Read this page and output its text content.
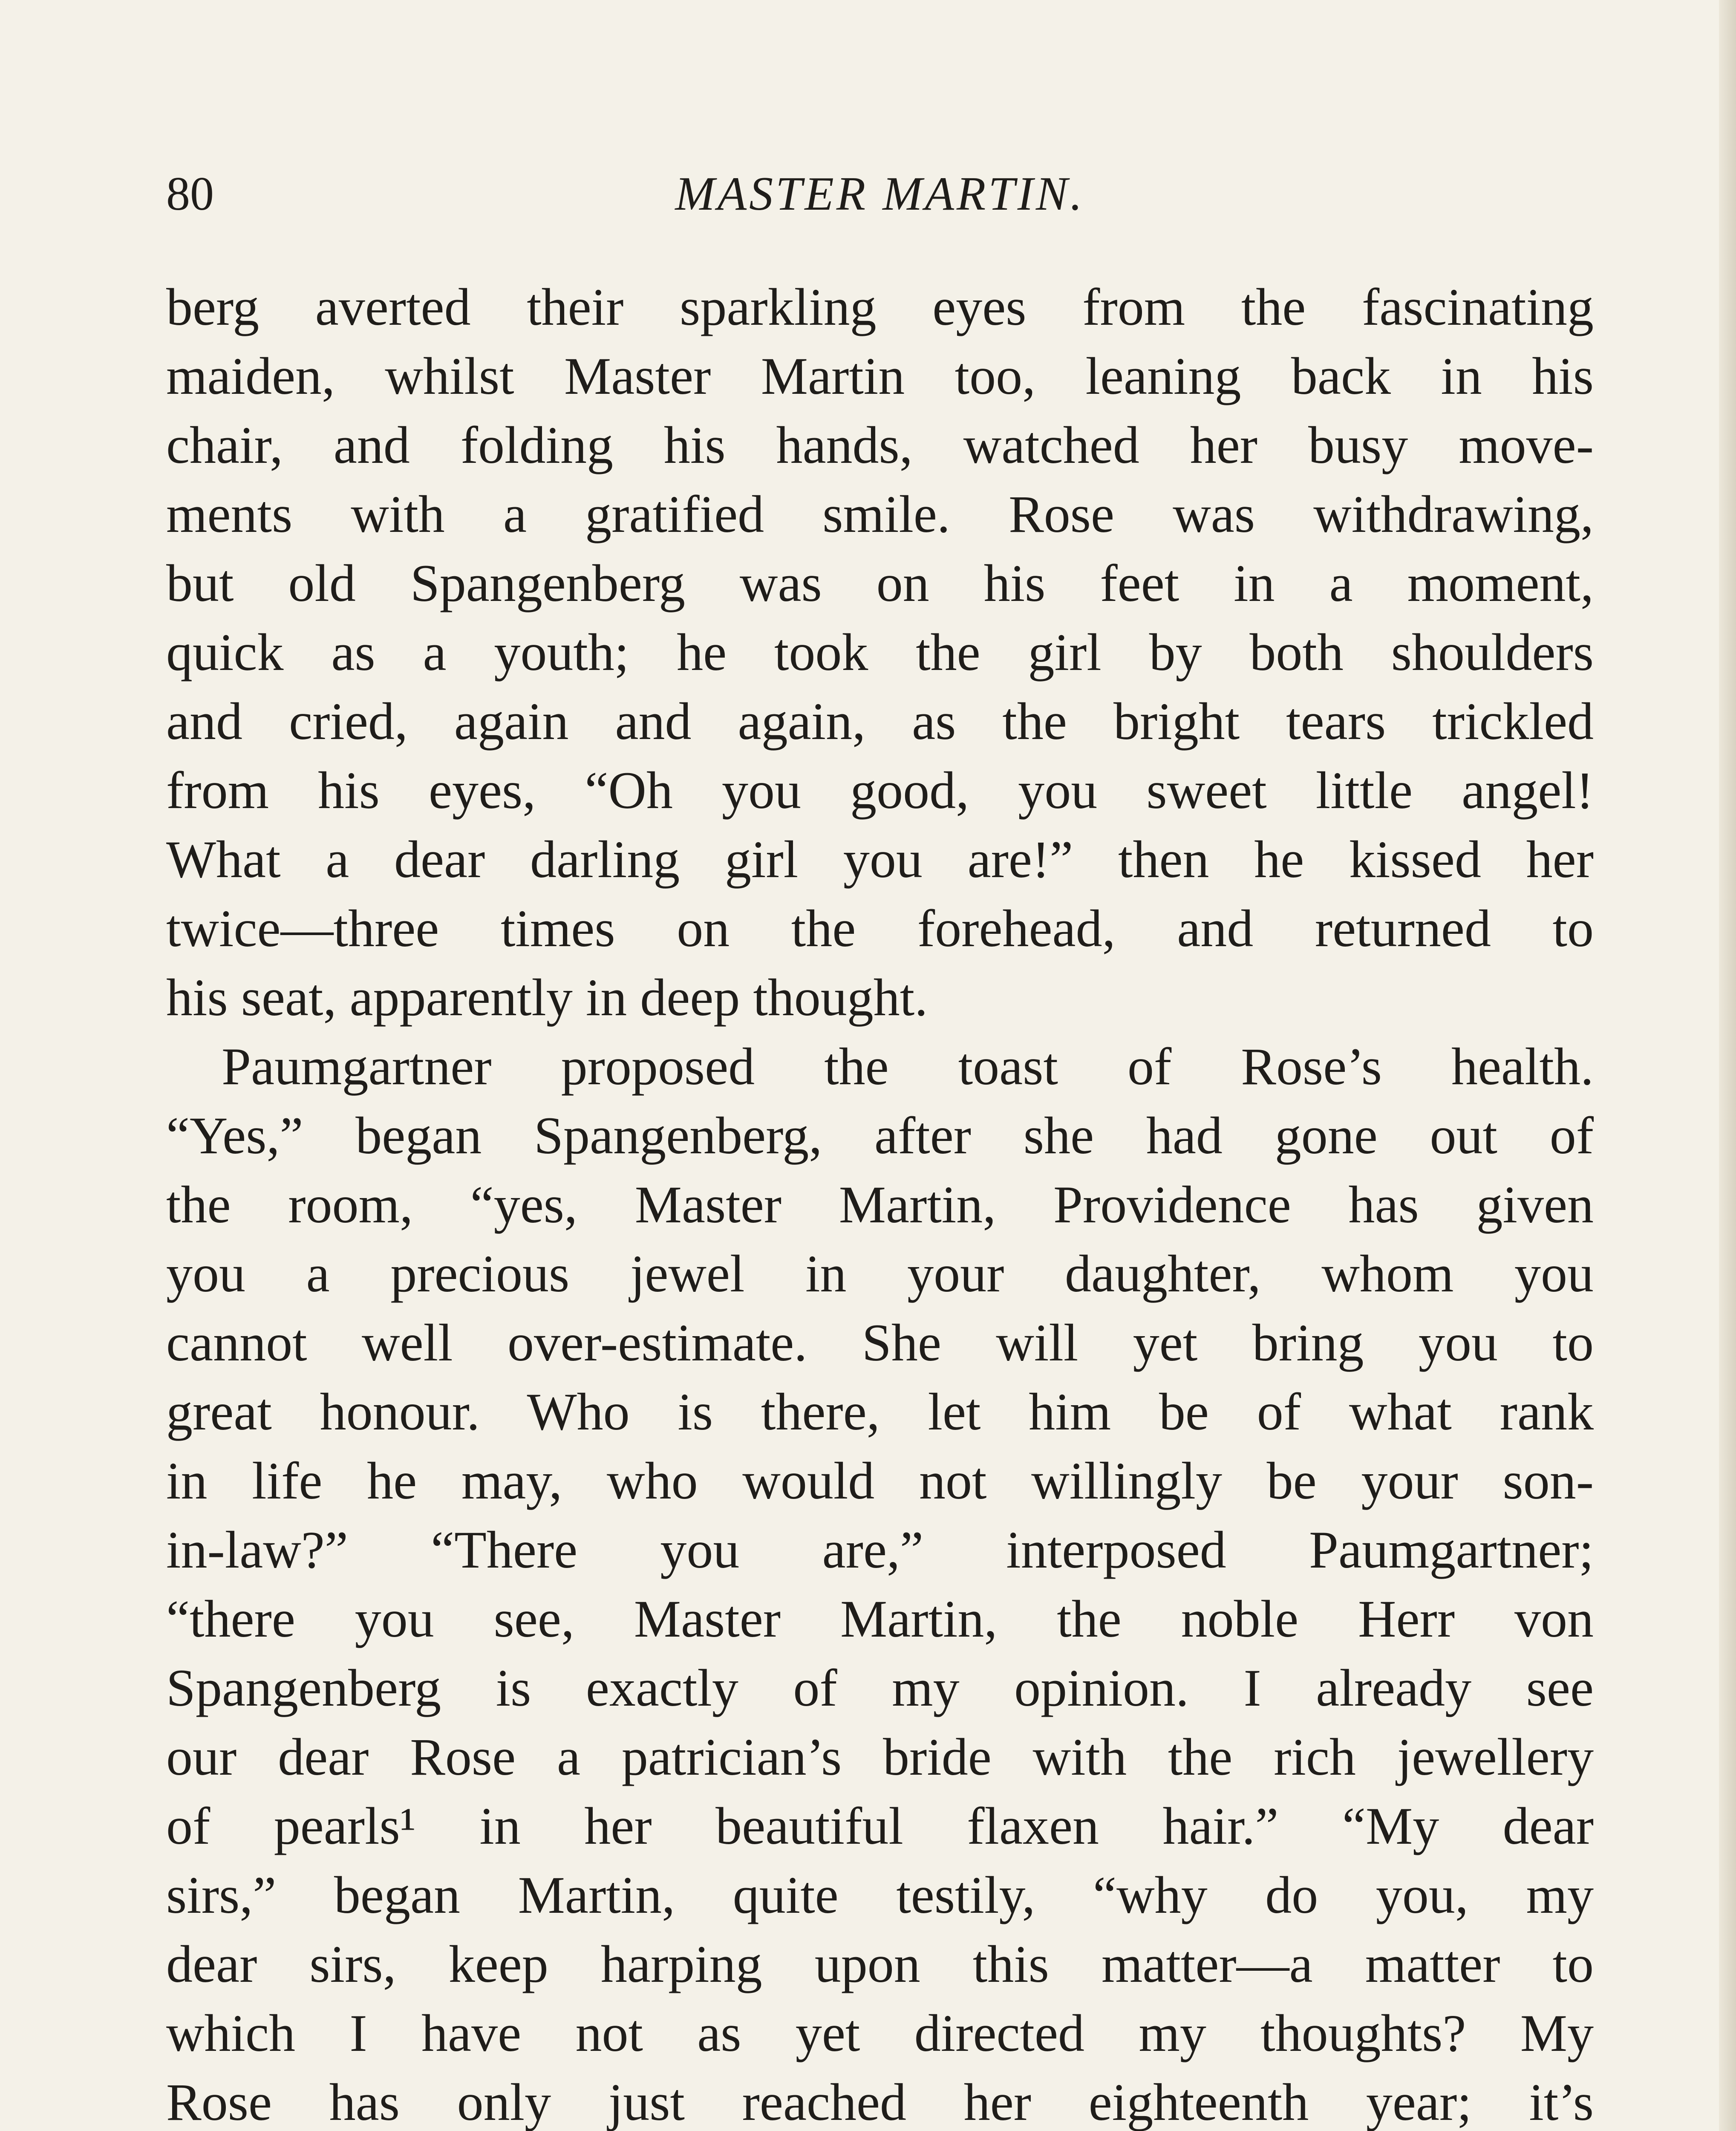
80	MASTER MARTIN.
berg averted their sparkling eyes from the fascinating
maiden, whilst Master Martin too, leaning back in his
chair, and folding his hands, watched her busy move-
ments with a gratified smile. Rose was withdrawing,
but old Spangenberg was on his feet in a moment,
quick as a youth; he took the girl by both shoulders
and cried, again and again, as the bright tears trickled
from his eyes, “Oh you good, you sweet little angel!
What a dear darling girl you are!” then he kissed her
twice—three times on the forehead, and returned to
his seat, apparently in deep thought.
Paumgartner proposed the toast of Rose’s health.
“Yes,” began Spangenberg, after she had gone out of
the room, “yes, Master Martin, Providence has given
you a precious jewel in your daughter, whom you
cannot well over-estimate. She will yet bring you to
great honour. Who is there, let him be of what rank
in life he may, who would not willingly be your son-
in-law?” “There you are,” interposed Paumgartner;
“there you see, Master Martin, the noble Herr von
Spangenberg is exactly of my opinion. I already see
our dear Rose a patrician’s bride with the rich jewellery
of pearls¹ in her beautiful flaxen hair.” “My dear
sirs,” began Martin, quite testily, “why do you, my
dear sirs, keep harping upon this matter—a matter to
which I have not as yet directed my thoughts? My
Rose has only just reached her eighteenth year; it’s
